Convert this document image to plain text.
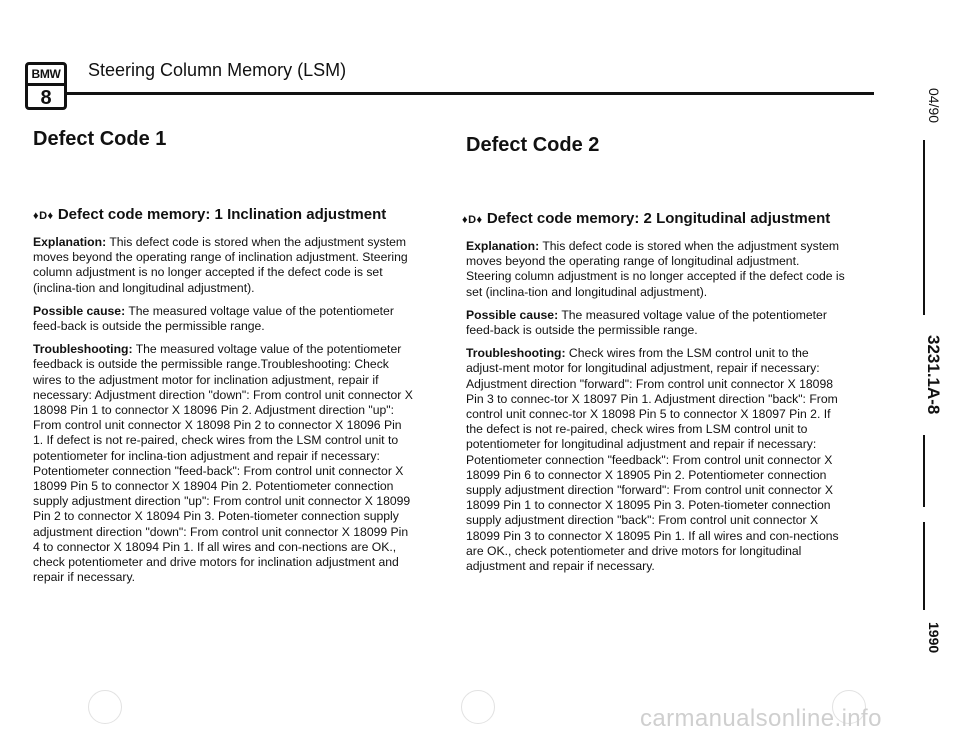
BMW
8
Steering Column Memory (LSM)
Defect Code 1
♦D♦ Defect code memory: 1 Inclination adjustment

Explanation: This defect code is stored when the adjustment system moves beyond the operating range of inclination adjustment. Steering column adjustment is no longer accepted if the defect code is set (inclina-tion and longitudinal adjustment).

Possible cause: The measured voltage value of the potentiometer feed-back is outside the permissible range.

Troubleshooting: The measured voltage value of the potentiometer feedback is outside the permissible range.Troubleshooting: Check wires to the adjustment motor for inclination adjustment, repair if necessary: Adjustment direction "down": From control unit connector X 18098 Pin 1 to connector X 18096 Pin 2. Adjustment direction "up": From control unit connector X 18098 Pin 2 to connector X 18096 Pin 1. If defect is not re-paired, check wires from the LSM control unit to potentiometer for inclina-tion adjustment and repair if necessary: Potentiometer connection "feed-back": From control unit connector X 18099 Pin 5 to connector X 18904 Pin 2. Potentiometer connection supply adjustment direction "up": From control unit connector X 18099 Pin 2 to connector X 18094 Pin 3. Poten-tiometer connection supply adjustment direction "down": From control unit connector X 18099 Pin 4 to connector X 18094 Pin 1. If all wires and con-nections are OK., check potentiometer and drive motors for inclination adjustment and repair if necessary.

Defect Code 2
♦D♦ Defect code memory: 2 Longitudinal adjustment

Explanation: This defect code is stored when the adjustment system moves beyond the operating range of longitudinal adjustment. Steering column adjustment is no longer accepted if the defect code is set (inclina-tion and longitudinal adjustment).

Possible cause: The measured voltage value of the potentiometer feed-back is outside the permissible range.

Troubleshooting: Check wires from the LSM control unit to the adjust-ment motor for longitudinal adjustment, repair if necessary: Adjustment direction "forward": From control unit connector X 18098 Pin 3 to connec-tor X 18097 Pin 1. Adjustment direction "back": From control unit connec-tor X 18098 Pin 5 to connector X 18097 Pin 2. If the defect is not re-paired, check wires from LSM control unit to potentiometer for longitudinal adjustment and repair if necessary: Potentiometer connection "feedback": From control unit connector X 18099 Pin 6 to connector X 18905 Pin 2. Potentiometer connection supply adjustment direction "forward": From control unit connector X 18099 Pin 1 to connector X 18095 Pin 3. Poten-tiometer connection supply adjustment direction "back": From control unit connector X 18099 Pin 3 to connector X 18095 Pin 1. If all wires and con-nections are OK., check potentiometer and drive motors for longitudinal adjustment and repair if necessary.

04/90
3231.1A-8
1990
carmanualsonline.info
